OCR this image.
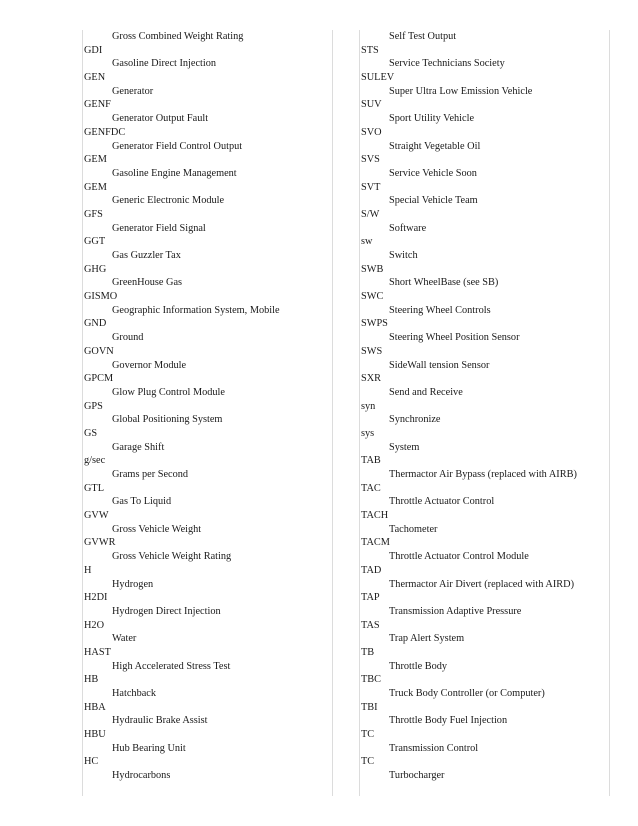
Gross Combined Weight Rating
GDI
Gasoline Direct Injection
GEN
Generator
GENF
Generator Output Fault
GENFDC
Generator Field Control Output
GEM
Gasoline Engine Management
GEM
Generic Electronic Module
GFS
Generator Field Signal
GGT
Gas Guzzler Tax
GHG
GreenHouse Gas
GISMO
Geographic Information System, Mobile
GND
Ground
GOVN
Governor Module
GPCM
Glow Plug Control Module
GPS
Global Positioning System
GS
Garage Shift
g/sec
Grams per Second
GTL
Gas To Liquid
GVW
Gross Vehicle Weight
GVWR
Gross Vehicle Weight Rating
H
Hydrogen
H2DI
Hydrogen Direct Injection
H2O
Water
HAST
High Accelerated Stress Test
HB
Hatchback
HBA
Hydraulic Brake Assist
HBU
Hub Bearing Unit
HC
Hydrocarbons
Self Test Output
STS
Service Technicians Society
SULEV
Super Ultra Low Emission Vehicle
SUV
Sport Utility Vehicle
SVO
Straight Vegetable Oil
SVS
Service Vehicle Soon
SVT
Special Vehicle Team
S/W
Software
sw
Switch
SWB
Short WheelBase (see SB)
SWC
Steering Wheel Controls
SWPS
Steering Wheel Position Sensor
SWS
SideWall tension Sensor
SXR
Send and Receive
syn
Synchronize
sys
System
TAB
Thermactor Air Bypass (replaced with AIRB)
TAC
Throttle Actuator Control
TACH
Tachometer
TACM
Throttle Actuator Control Module
TAD
Thermactor Air Divert (replaced with AIRD)
TAP
Transmission Adaptive Pressure
TAS
Trap Alert System
TB
Throttle Body
TBC
Truck Body Controller (or Computer)
TBI
Throttle Body Fuel Injection
TC
Transmission Control
TC
Turbocharger
